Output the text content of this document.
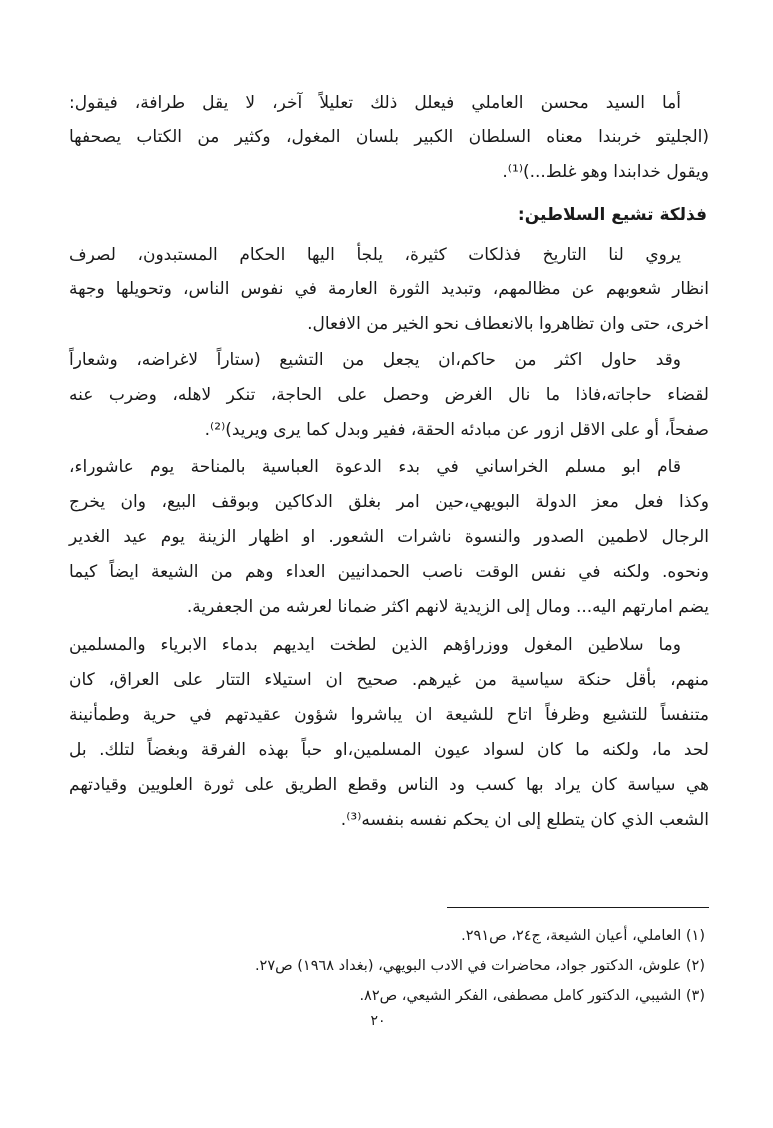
أما السيد محسن العاملي فيعلل ذلك تعليلاً آخر، لا يقل طرافة، فيقول:
(الجليتو خربندا معناه السلطان الكبير بلسان المغول، وكثير من الكتاب يصحفها
ويقول خدابندا وهو غلط...)⁽¹⁾.
فذلكة تشيع السلاطين:
يروي لنا التاريخ فذلكات كثيرة، يلجأ اليها الحكام المستبدون، لصرف
انظار شعوبهم عن مظالمهم، وتبديد الثورة العارمة في نفوس الناس، وتحويلها وجهة
اخرى، حتى وان تظاهروا بالانعطاف نحو الخير من الافعال.
وقد حاول اكثر من حاكم،ان يجعل من التشيع (ستاراً لاغراضه، وشعاراً
لقضاء حاجاته،فاذا ما نال الغرض وحصل على الحاجة، تنكر لاهله، وضرب عنه
صفحاً، أو على الاقل ازور عن مبادئه الحقة، ففير وبدل كما يرى ويريد)⁽²⁾.
قام ابو مسلم الخراساني في بدء الدعوة العباسية بالمناحة يوم عاشوراء،
وكذا فعل معز الدولة البويهي،حين امر بغلق الدكاكين وبوقف البيع، وان يخرج
الرجال لاطمين الصدور والنسوة ناشرات الشعور. او اظهار الزينة يوم عيد الغدير
ونحوه. ولكنه في نفس الوقت ناصب الحمدانيين العداء وهم من الشيعة ايضاً كيما
يضم امارتهم اليه... ومال إلى الزيدية لانهم اكثر ضمانا لعرشه من الجعفرية.
وما سلاطين المغول ووزراؤهم الذين لطخت ايديهم بدماء الابرياء والمسلمين
منهم، بأقل حنكة سياسية من غيرهم. صحيح ان استيلاء التتار على العراق، كان
متنفساً للتشيع وظرفاً اتاح للشيعة ان يباشروا شؤون عقيدتهم في حرية وطمأنينة
لحد ما، ولكنه ما كان لسواد عيون المسلمين،او حباً بهذه الفرقة وبغضاً لتلك. بل
هي سياسة كان يراد بها كسب ود الناس وقطع الطريق على ثورة العلويين وقيادتهم
الشعب الذي كان يتطلع إلى ان يحكم نفسه بنفسه⁽³⁾.
(١) العاملي، أعيان الشيعة، ج٢٤، ص٢٩١.
(٢) علوش، الدكتور جواد، محاضرات في الادب البويهي، (بغداد ١٩٦٨) ص٢٧.
(٣) الشيبي، الدكتور كامل مصطفى، الفكر الشيعي، ص٨٢.
٢٠
